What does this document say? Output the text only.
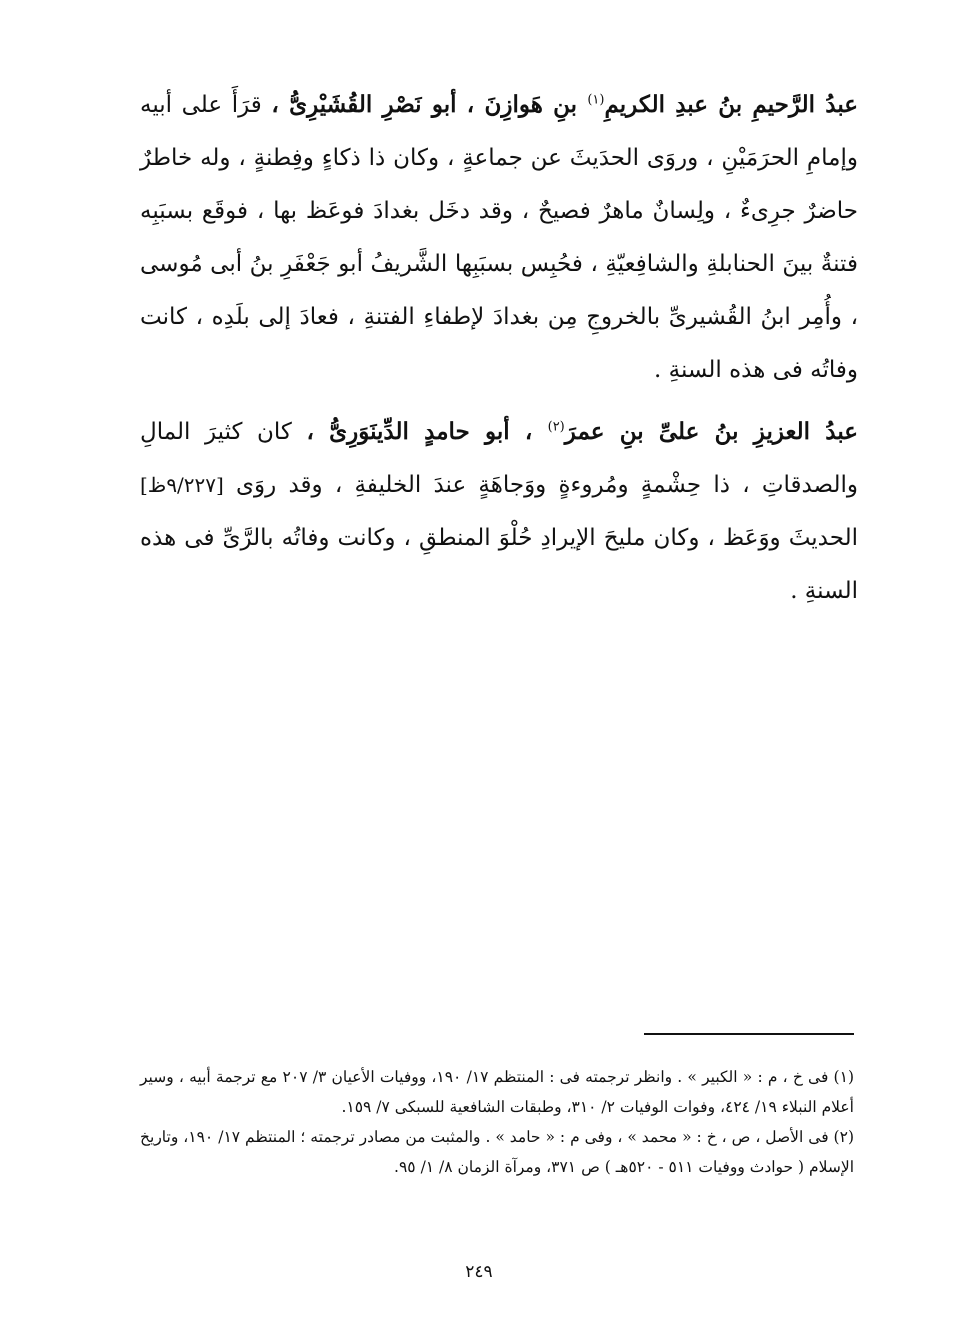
عبدُ الرَّحيمِ بنُ عبدِ الكريمِ$^{(١)}$ بنِ هَوازِنَ ، أبو نَصْرِ القُشَيْرِىُّ ، قرَأَ على أبيه وإمامِ الحرَمَيْنِ ، وروَى الحدَيثَ عن جماعةٍ ، وكان ذا ذكاءٍ وفِطنةٍ ، وله خاطرٌ حاضرٌ جرِىءٌ ، ولِسانٌ ماهرٌ فصيحٌ ، وقد دخَل بغدادَ فوعَظ بها ، فوقَع بسبَبِه فتنةٌ بينَ الحنابلةِ والشافِعيّةِ ، فحُبِس بسبَبِها الشَّريفُ أبو جَعْفَرِ بنُ أبى مُوسى ، وأُمِر ابنُ القُشيرىِّ بالخروجِ مِن بغدادَ لإطفاءِ الفتنةِ ، فعادَ إلى بلَدِه ، كانت وفاتُه فى هذه السنةِ .

عبدُ العزيزِ بنُ علىِّ بنِ عمرَ$^{(٢)}$ ، أبو حامدٍ الدِّينَوَرِىُّ ، كان كثيرَ المالِ والصدقاتِ ، ذا حِشْمةٍ ومُروءةٍ ووَجاهَةٍ عندَ الخليفةِ ، وقد روَى [٩/٢٢٧ظ] الحديثَ ووَعَظ ، وكان مليحَ الإيرادِ حُلْوَ المنطقِ ، وكانت وفاتُه بالرَّىِّ فى هذه السنةِ .

(١) فى خ ، م : « الكبير » . وانظر ترجمته فى : المنتظم ١٧/ ١٩٠، ووفيات الأعيان ٣/ ٢٠٧ مع ترجمة أبيه ، وسير أعلام النبلاء ١٩/ ٤٢٤، وفوات الوفيات ٢/ ٣١٠، وطبقات الشافعية للسبكى ٧/ ١٥٩.

(٢) فى الأصل ، ص ، خ : « محمد » ، وفى م : « حامد » . والمثبت من مصادر ترجمته ؛ المنتظم ١٧/ ١٩٠، وتاريخ الإسلام ( حوادث ووفيات ٥١١ - ٥٢٠هـ ) ص ٣٧١، ومرآة الزمان ٨/ ١/ ٩٥.

٢٤٩
